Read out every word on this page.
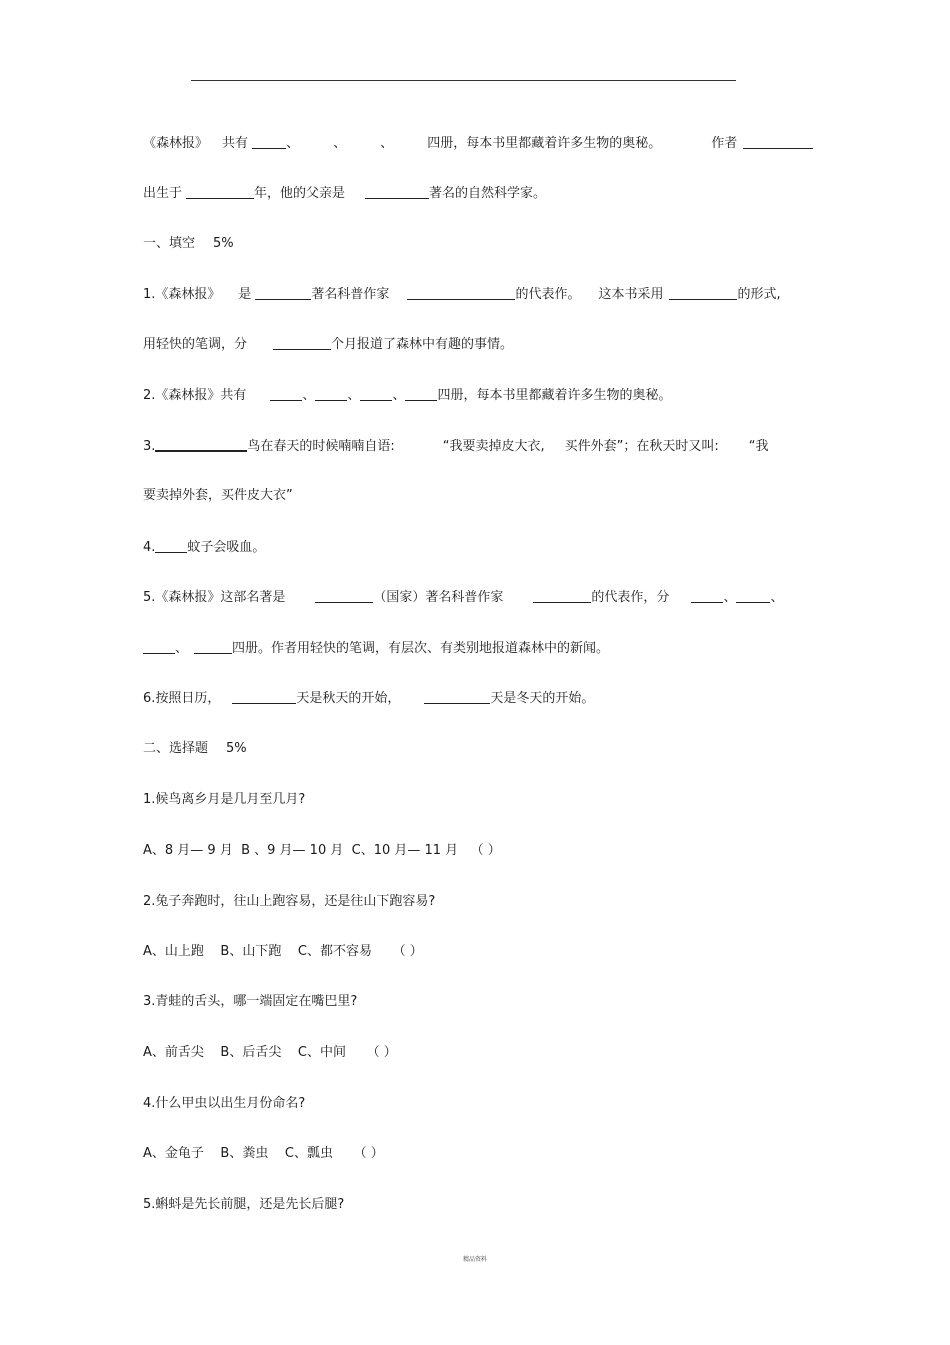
《森林报》 共有	、	、	、	四册，每本书里都藏着许多生物的奥秘。	作者
出生于	年，他的父亲是	著名的自然科学家。
一、填空 5%
1.《森林报》 是	著名科普作家	的代表作。 这本书采用	的形式,
用轻快的笔调，分	个月报道了森林中有趣的事情。
2.《森林报》共有	、 、 、 四册，每本书里都藏着许多生物的奥秘。
3.	鸟在春天的时候喃喃自语:	“我要卖掉皮大衣, 买件外套”；在秋天时又叫: “我
要卖掉外套，买件皮大衣”
4. 蚊子会吸血。
5.《森林报》这部名著是	（国家）著名科普作家	的代表作，分	、	、
、	四册。作者用轻快的笔调，有层次、有类别地报道森林中的新闻。
6.按照日历，	天是秋天的开始，	天是冬天的开始。
二、选择题 5%
1.候鸟离乡月是几月至几月?
A、8 月— 9 月  B 、9 月— 10 月  C、10 月— 11 月   （ ）
2.兔子奔跑时，往山上跑容易，还是往山下跑容易?
A、山上跑    B、山下跑    C、都不容易     （ ）
3.青蛙的舌头，哪一端固定在嘴巴里?
A、前舌尖    B、后舌尖    C、中间     （ ）
4.什么甲虫以出生月份命名?
A、金龟子    B、粪虫    C、瓢虫     （ ）
5.蝌蚪是先长前腿，还是先长后腿?
精品资料
